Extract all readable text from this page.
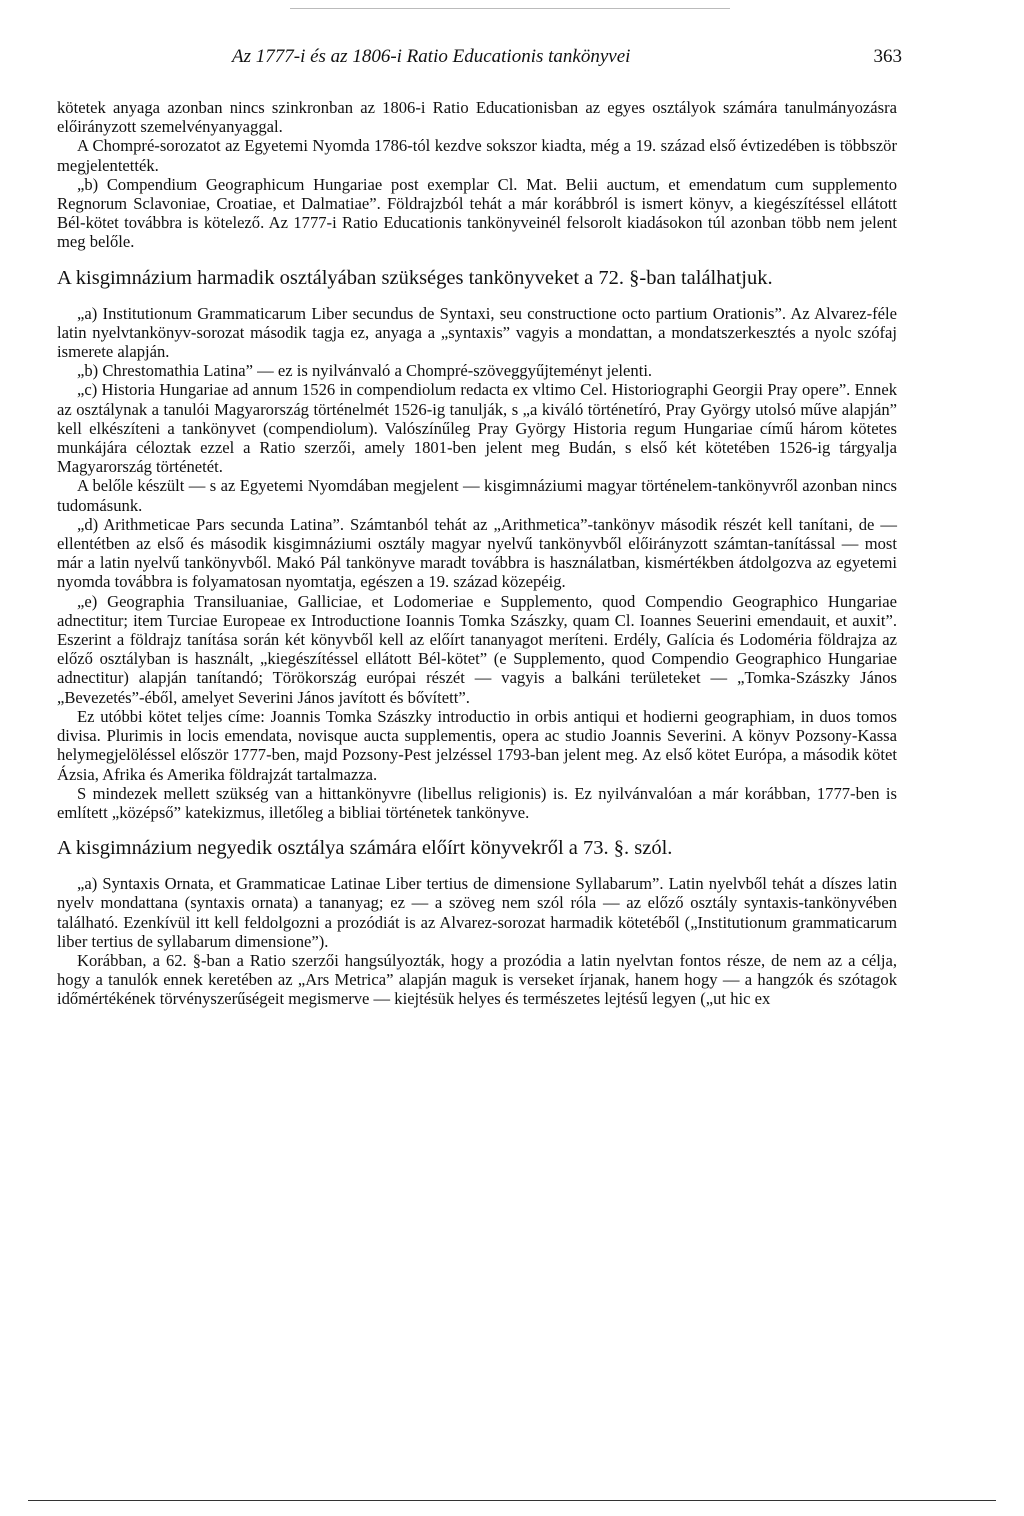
Az 1777-i és az 1806-i Ratio Educationis tankönyvei	363

kötetek anyaga azonban nincs szinkronban az 1806-i Ratio Educationisban az egyes osztályok számára tanulmányozásra előirányzott szemelvényanyaggal.

A Chompré-sorozatot az Egyetemi Nyomda 1786-tól kezdve sokszor kiadta, még a 19. század első évtizedében is többször megjelentették.

„b) Compendium Geographicum Hungariae post exemplar Cl. Mat. Belii auctum, et emendatum cum supplemento Regnorum Sclavoniae, Croatiae, et Dalmatiae”. Földrajzból tehát a már korábbról is ismert könyv, a kiegészítéssel ellátott Bél-kötet továbbra is kötelező. Az 1777-i Ratio Educationis tankönyveinél felsorolt kiadásokon túl azonban több nem jelent meg belőle.

A kisgimnázium harmadik osztályában szükséges tankönyveket a 72. §-ban találhatjuk.

„a) Institutionum Grammaticarum Liber secundus de Syntaxi, seu constructione octo partium Orationis”. Az Alvarez-féle latin nyelvtankönyv-sorozat második tagja ez, anyaga a „syntaxis” vagyis a mondattan, a mondatszerkesztés a nyolc szófaj ismerete alapján.

„b) Chrestomathia Latina” — ez is nyilvánvaló a Chompré-szöveggyűjteményt jelenti.

„c) Historia Hungariae ad annum 1526 in compendiolum redacta ex vltimo Cel. Historiographi Georgii Pray opere”. Ennek az osztálynak a tanulói Magyarország történelmét 1526-ig tanulják, s „a kiváló történetíró, Pray György utolsó műve alapján” kell elkészíteni a tankönyvet (compendiolum). Valószínűleg Pray György Historia regum Hungariae című három kötetes munkájára céloztak ezzel a Ratio szerzői, amely 1801-ben jelent meg Budán, s első két kötetében 1526-ig tárgyalja Magyarország történetét.

A belőle készült — s az Egyetemi Nyomdában megjelent — kisgimnáziumi magyar történelem-tankönyvről azonban nincs tudomásunk.

„d) Arithmeticae Pars secunda Latina”. Számtanból tehát az „Arithmetica”-tankönyv második részét kell tanítani, de — ellentétben az első és második kisgimnáziumi osztály magyar nyelvű tankönyvből előirányzott számtan-tanítással — most már a latin nyelvű tankönyvből. Makó Pál tankönyve maradt továbbra is használatban, kismértékben átdolgozva az egyetemi nyomda továbbra is folyamatosan nyomtatja, egészen a 19. század közepéig.

„e) Geographia Transiluaniae, Galliciae, et Lodomeriae e Supplemento, quod Compendio Geographico Hungariae adnectitur; item Turciae Europeae ex Introductione Ioannis Tomka Szászky, quam Cl. Ioannes Seuerini emendauit, et auxit”. Eszerint a földrajz tanítása során két könyvből kell az előírt tananyagot meríteni. Erdély, Galícia és Lodoméria földrajza az előző osztályban is használt, „kiegészítéssel ellátott Bél-kötet” (e Supplemento, quod Compendio Geographico Hungariae adnectitur) alapján tanítandó; Törökország európai részét — vagyis a balkáni területeket — „Tomka-Szászky János „Bevezetés”-éből, amelyet Severini János javított és bővített”.

Ez utóbbi kötet teljes címe: Joannis Tomka Szászky introductio in orbis antiqui et hodierni geographiam, in duos tomos divisa. Plurimis in locis emendata, novisque aucta supplementis, opera ac studio Joannis Severini. A könyv Pozsony-Kassa helymegjelöléssel először 1777-ben, majd Pozsony-Pest jelzéssel 1793-ban jelent meg. Az első kötet Európa, a második kötet Ázsia, Afrika és Amerika földrajzát tartalmazza.

S mindezek mellett szükség van a hittankönyvre (libellus religionis) is. Ez nyilvánvalóan a már korábban, 1777-ben is említett „középső” katekizmus, illetőleg a bibliai történetek tankönyve.

A kisgimnázium negyedik osztálya számára előírt könyvekről a 73. §. szól.

„a) Syntaxis Ornata, et Grammaticae Latinae Liber tertius de dimensione Syllabarum”. Latin nyelvből tehát a díszes latin nyelv mondattana (syntaxis ornata) a tananyag; ez — a szöveg nem szól róla — az előző osztály syntaxis-tankönyvében található. Ezenkívül itt kell feldolgozni a prozódiát is az Alvarez-sorozat harmadik kötetéből („Institutionum grammaticarum liber tertius de syllabarum dimensione”).

Korábban, a 62. §-ban a Ratio szerzői hangsúlyozták, hogy a prozódia a latin nyelvtan fontos része, de nem az a célja, hogy a tanulók ennek keretében az „Ars Metrica” alapján maguk is verseket írjanak, hanem hogy — a hangzók és szótagok időmértékének törvényszerűségeit megismerve — kiejtésük helyes és természetes lejtésű legyen („ut hic ex
